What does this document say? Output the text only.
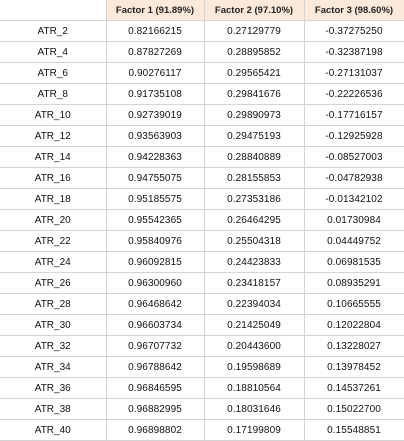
	Factor 1 (91.89%)	Factor 2 (97.10%)	Factor 3 (98.60%)
ATR_2	0.82166215	0.27129779	-0.37275250
ATR_4	0.87827269	0.28895852	-0.32387198
ATR_6	0.90276117	0.29565421	-0.27131037
ATR_8	0.91735108	0.29841676	-0.22226536
ATR_10	0.92739019	0.29890973	-0.17716157
ATR_12	0.93563903	0.29475193	-0.12925928
ATR_14	0.94228363	0.28840889	-0.08527003
ATR_16	0.94755075	0.28155853	-0.04782938
ATR_18	0.95185575	0.27353186	-0.01342102
ATR_20	0.95542365	0.26464295	0.01730984
ATR_22	0.95840976	0.25504318	0.04449752
ATR_24	0.96092815	0.24423833	0.06981535
ATR_26	0.96300960	0.23418157	0.08935291
ATR_28	0.96468642	0.22394034	0.10665555
ATR_30	0.96603734	0.21425049	0.12022804
ATR_32	0.96707732	0.20443600	0.13228027
ATR_34	0.96788642	0.19598689	0.13978452
ATR_36	0.96846595	0.18810564	0.14537261
ATR_38	0.96882995	0.18031646	0.15022700
ATR_40	0.96898802	0.17199809	0.15548851
